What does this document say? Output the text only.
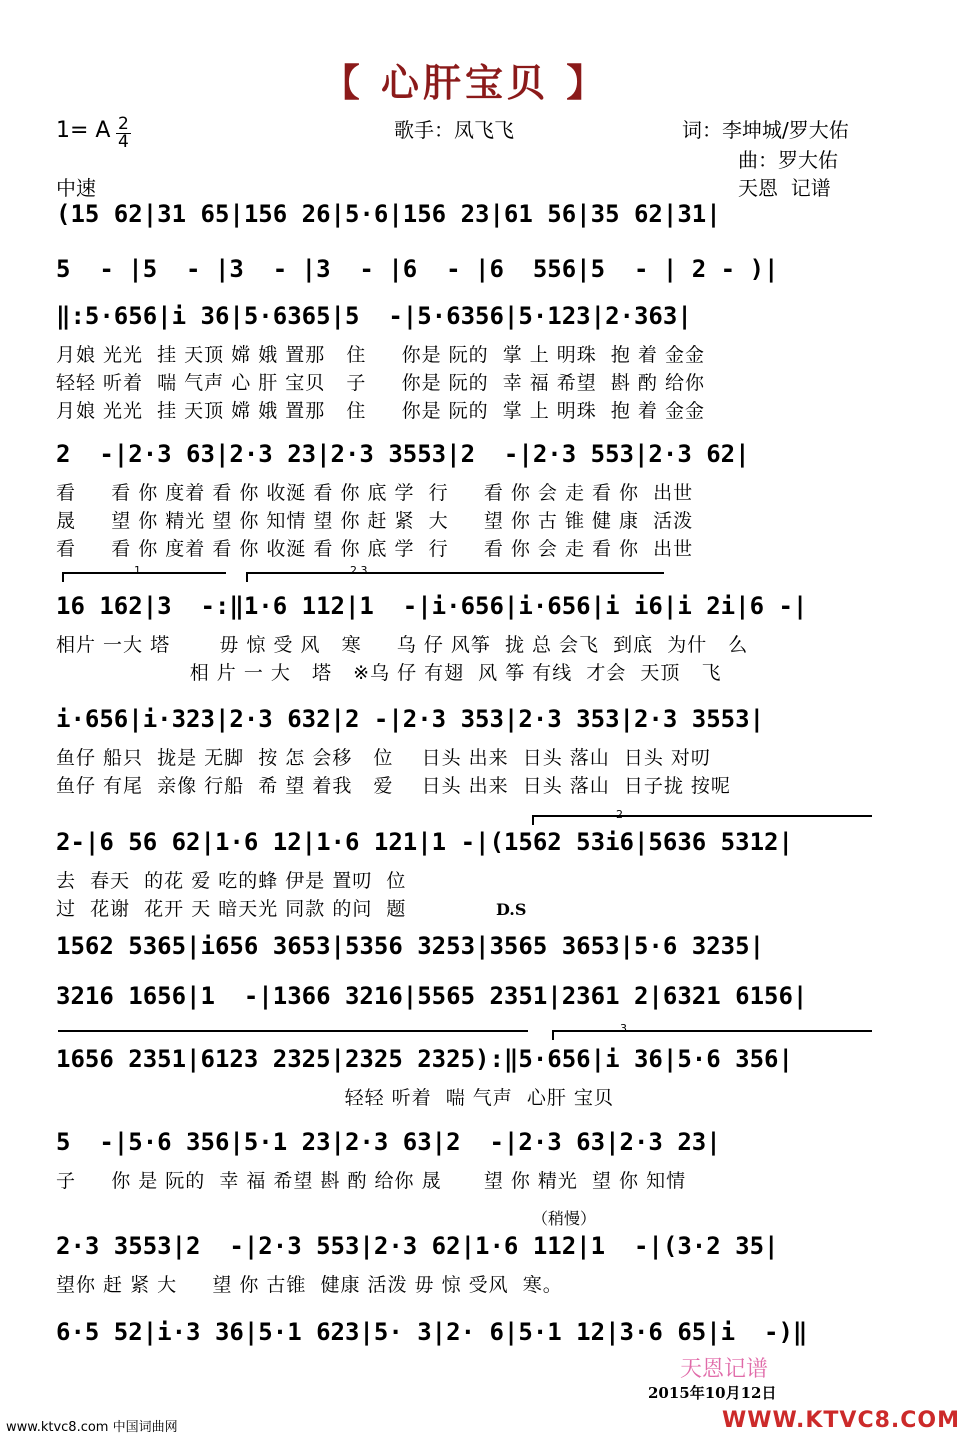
【 心肝宝贝 】
歌手：凤飞飞	词：李坤城/罗大佑
曲：罗大佑
天恩  记谱
1= A $\frac{2}{4}$
中速
(15 62|31 65|156 26|5·6|156 23|61 56|35 62|31|
5  - |5  - |3  - |3  - |6  - |6  556|5  - | 2 - )|
‖:5·656|i 36|5·6365|5  -|5·6356|5·123|2·363|
月娘 光光  挂 天顶 嫦 娥 置那   住     你是 阮的  掌 上 明珠  抱 着 金金
轻轻 听着  喘 气声 心 肝 宝贝   子     你是 阮的  幸 福 希望  斟 酌 给你
月娘 光光  挂 天顶 嫦 娥 置那   住     你是 阮的  掌 上 明珠  抱 着 金金
2  -|2·3 63|2·3 23|2·3 3553|2  -|2·3 553|2·3 62|
看     看 你 度着 看 你 收涎 看 你 底 学  行     看 你 会 走 看 你  出世
晟     望 你 精光 望 你 知情 望 你 赶 紧  大     望 你 古 锥 健 康  活泼
看     看 你 度着 看 你 收涎 看 你 底 学  行     看 你 会 走 看 你  出世
16 162|3  -:‖1·6 112|1  -|i·656|i·656|i i6|i 2i|6 -|
相片 一大 塔       毋 惊 受 风   寒     乌 仔 风筝  拢 总 会飞  到底  为什   么
相 片 一 大   塔   ※乌 仔 有翅  风 筝 有线  才会  天顶   飞
i·656|i·323|2·3 632|2 -|2·3 353|2·3 353|2·3 3553|
鱼仔 船只  拢是 无脚  按 怎 会移   位    日头 出来  日头 落山  日头 对叨
鱼仔 有尾  亲像 行船  希 望 着我   爱    日头 出来  日头 落山  日子拢 按呢
2-|6 56 62|1·6 12|1·6 121|1 -|(1562 53i6|5636 5312|
去  春天  的花 爱 吃的蜂 伊是 置叨  位
过  花谢  花开 天 暗天光 同款 的问  题
1562 5365|i656 3653|5356 3253|3565 3653|5·6 3235|
3216 1656|1  -|1366 3216|5565 2351|2361 2|6321 6156|
1656 2351|6123 2325|2325 2325):‖5·656|i 36|5·6 356|
轻轻 听着  喘 气声  心肝 宝贝
5  -|5·6 356|5·1 23|2·3 63|2  -|2·3 63|2·3 23|
子     你 是 阮的  幸 福 希望 斟 酌 给你 晟      望 你 精光  望 你 知情
2·3 3553|2  -|2·3 553|2·3 62|1·6 112|1  -|(3·2 35|
望你 赶 紧 大     望 你 古锥  健康 活泼 毋 惊 受风  寒。
6·5 52|i·3 36|5·1 623|5· 3|2· 6|5·1 12|3·6 65|i  -)‖
1	2 3
2
3
D.S
（稍慢）
天恩记谱
2015年10月12日
www.ktvc8.com 中国词曲网	WWW.KTVC8.COM
